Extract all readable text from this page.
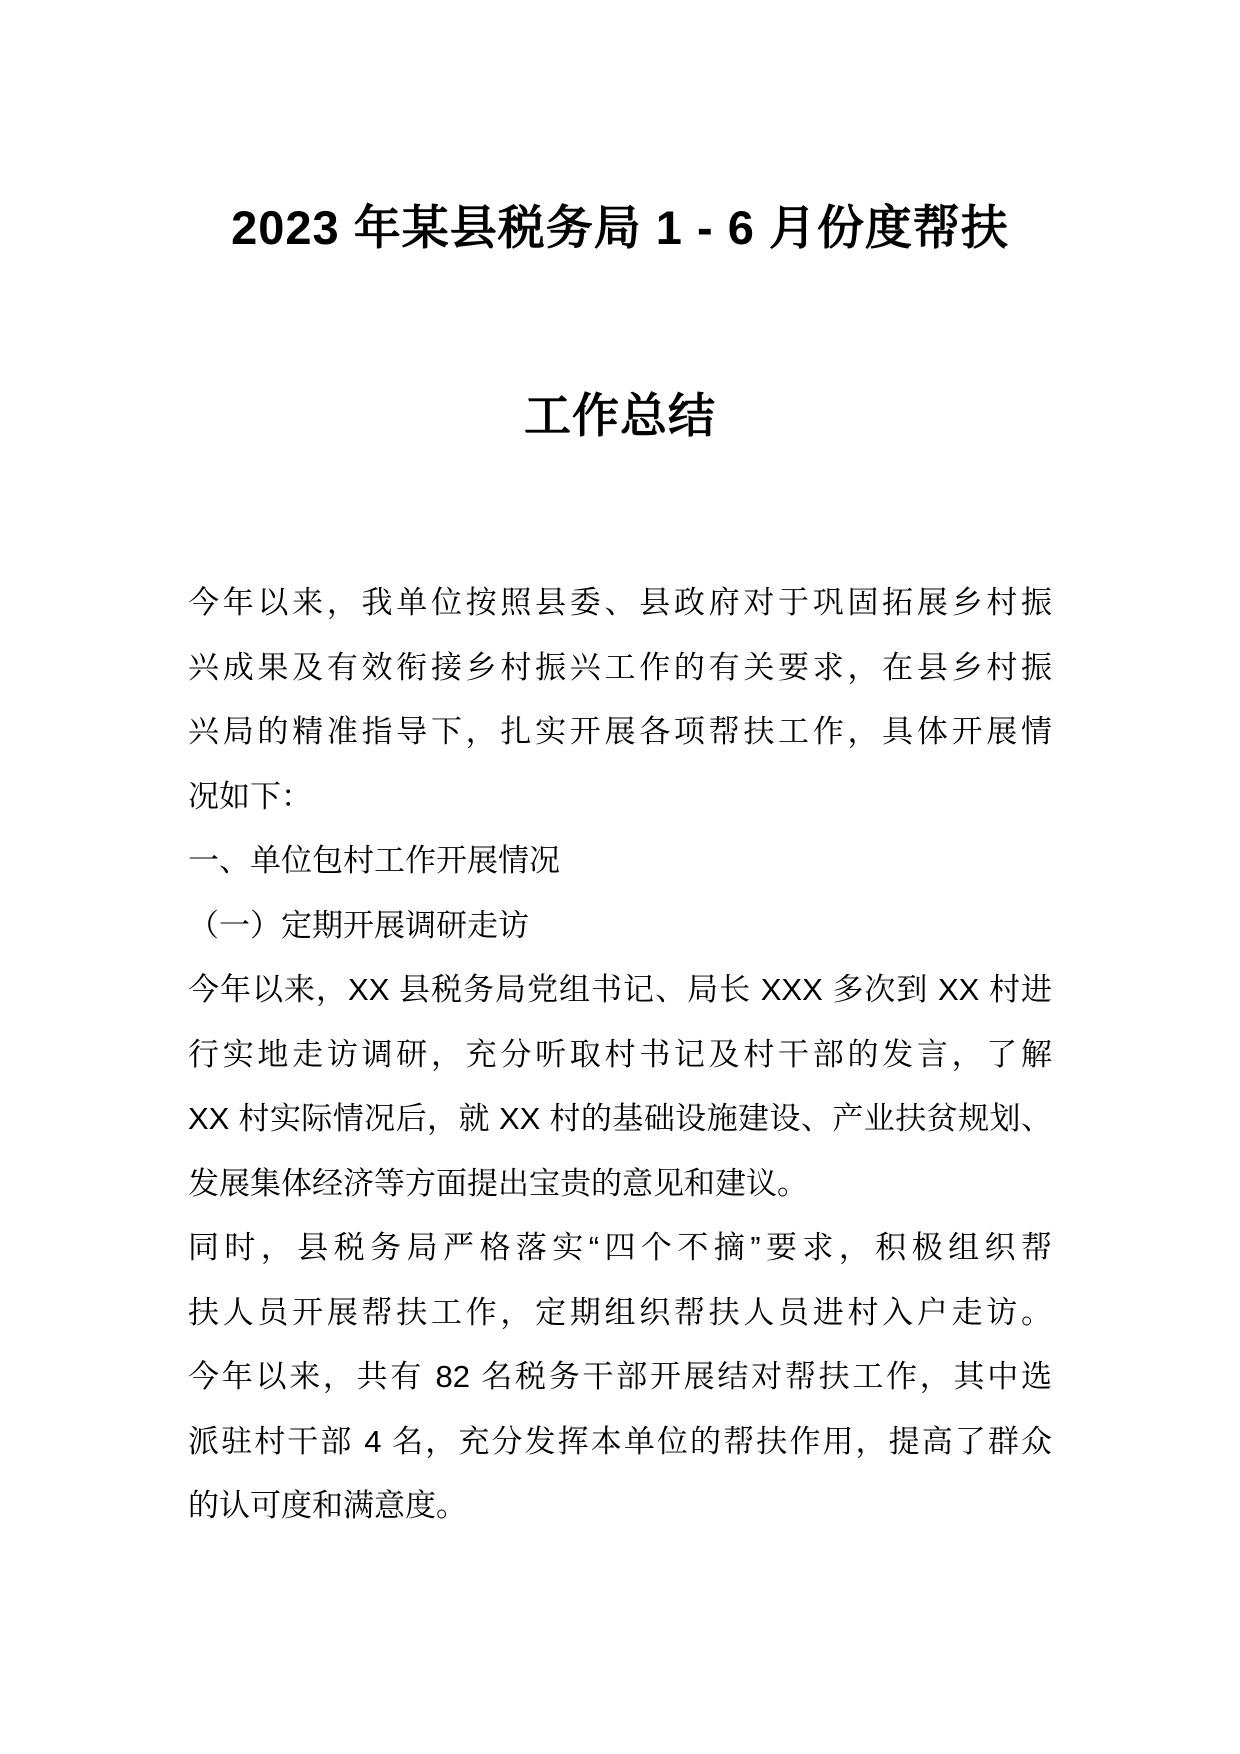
2023 年某县税务局 1 - 6 月份度帮扶
工作总结
今年以来，我单位按照县委、县政府对于巩固拓展乡村振
兴成果及有效衔接乡村振兴工作的有关要求，在县乡村振
兴局的精准指导下，扎实开展各项帮扶工作，具体开展情
况如下：
一、单位包村工作开展情况
（一）定期开展调研走访
今年以来，XX 县税务局党组书记、局长 XXX 多次到 XX 村进
行实地走访调研，充分听取村书记及村干部的发言，了解
XX 村实际情况后，就 XX 村的基础设施建设、产业扶贫规划、
发展集体经济等方面提出宝贵的意见和建议。
同时，县税务局严格落实“四个不摘”要求，积极组织帮
扶人员开展帮扶工作，定期组织帮扶人员进村入户走访。
今年以来，共有 82 名税务干部开展结对帮扶工作，其中选
派驻村干部 4 名，充分发挥本单位的帮扶作用，提高了群众
的认可度和满意度。
